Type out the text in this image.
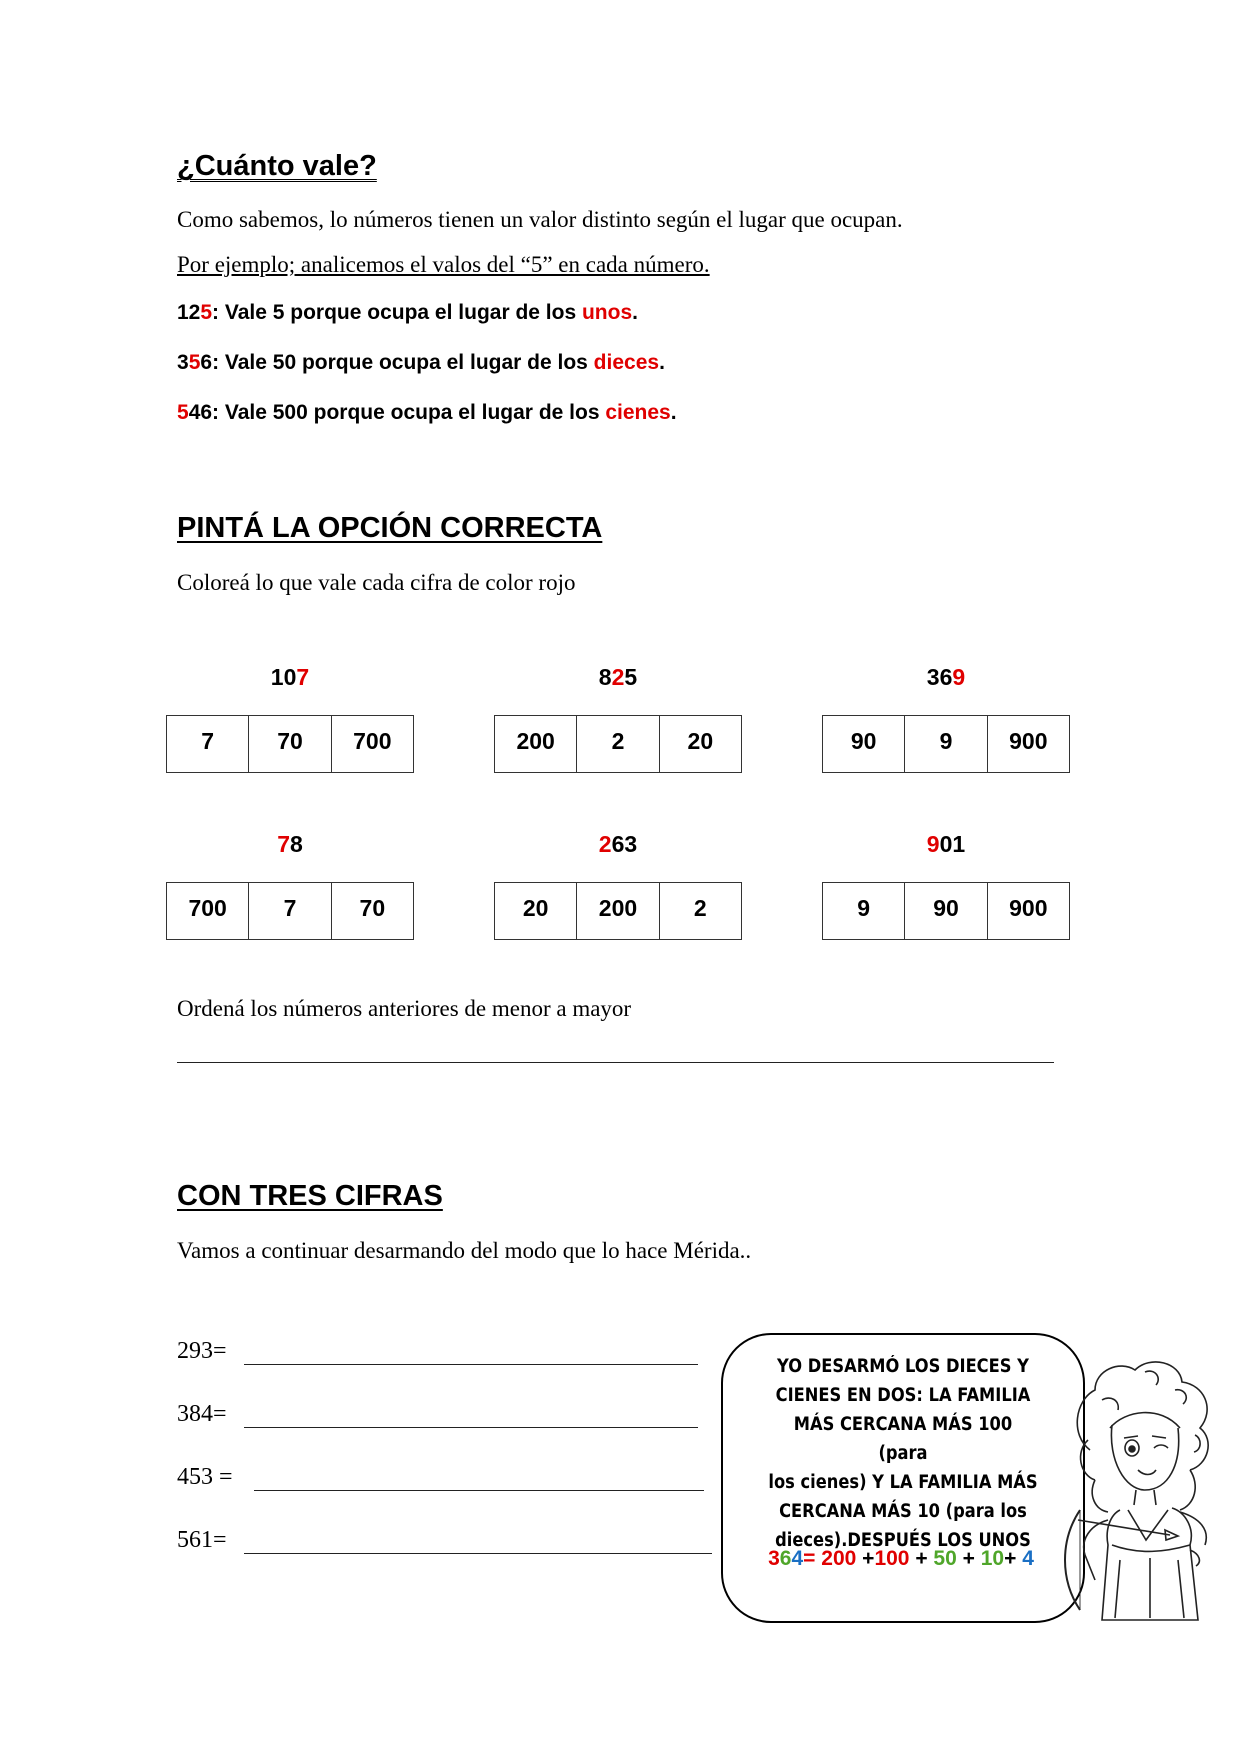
¿Cuánto vale?
Como sabemos, lo números tienen un valor distinto según el lugar que ocupan.
Por ejemplo; analicemos el valos del “5” en cada número.
125: Vale 5 porque ocupa el lugar de los unos.
356: Vale 50 porque ocupa el lugar de los dieces.
546: Vale 500 porque ocupa el lugar de los cienes.
PINTÁ LA OPCIÓN CORRECTA
Coloreá lo que vale cada cifra de color rojo
107
7	70	700
825
200	2	20
369
90	9	900
78
700	7	70
263
20	200	2
901
9	90	900
Ordená los números anteriores de menor a mayor
CON TRES CIFRAS
Vamos a continuar desarmando del modo que lo hace Mérida..
293=
384=
453 =
561=
YO DESARMÓ LOS DIECES Y
CIENES EN DOS: LA FAMILIA
MÁS CERCANA MÁS 100 (para
los cienes) Y LA FAMILIA MÁS
CERCANA MÁS 10 (para los
dieces).DESPUÉS LOS UNOS
364= 200 +100 + 50 + 10+ 4
